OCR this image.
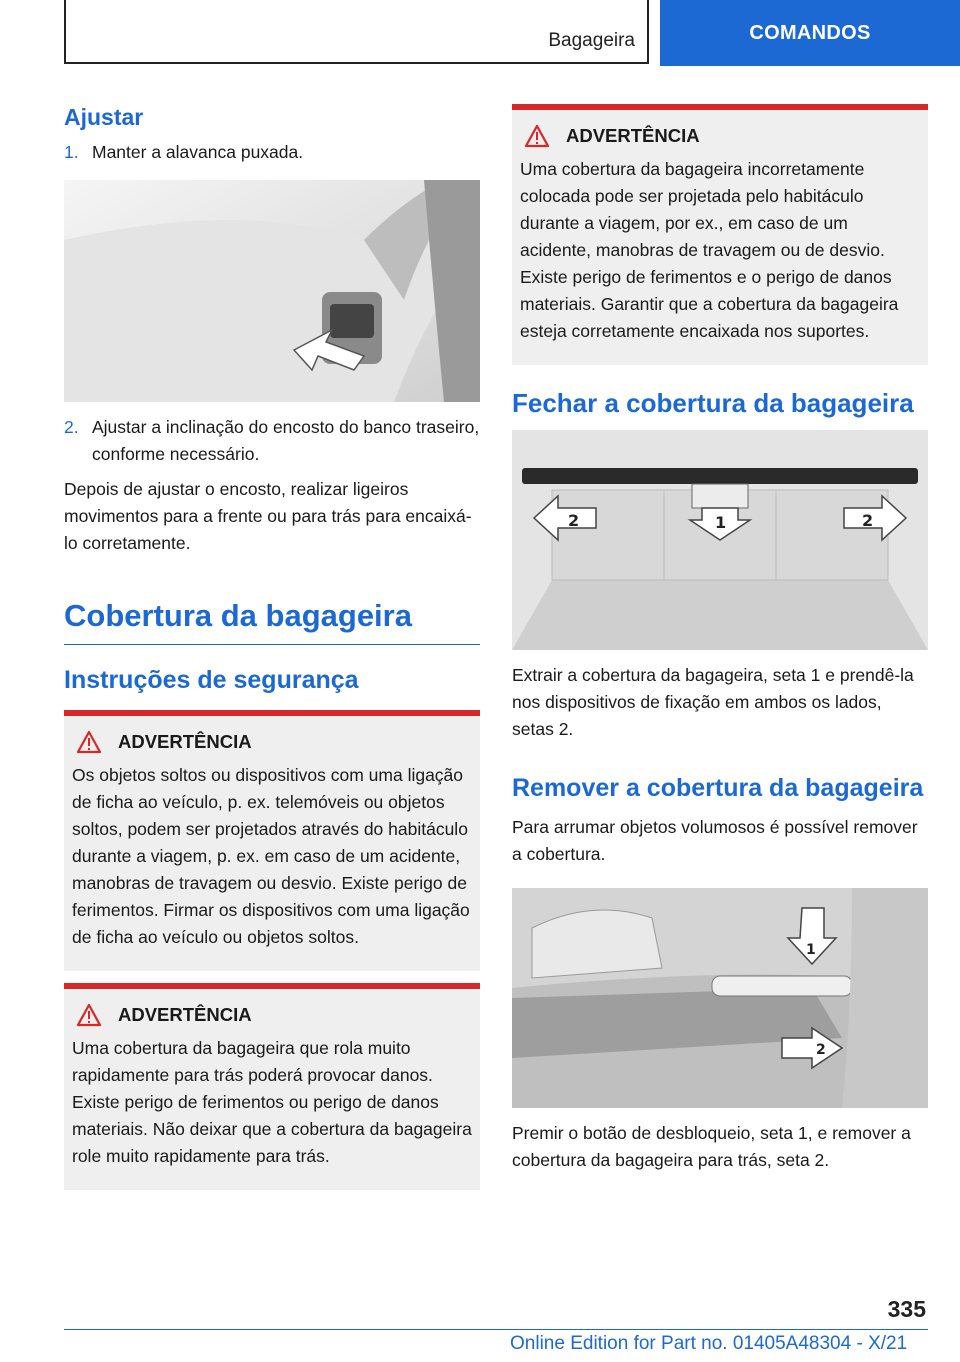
Bagageira	COMANDOS
Ajustar
1. Manter a alavanca puxada.
2. Ajustar a inclinação do encosto do banco traseiro, conforme necessário.

Depois de ajustar o encosto, realizar ligeiros movimentos para a frente ou para trás para encaixá-lo corretamente.

Cobertura da bagageira
Instruções de segurança
ADVERTÊNCIA

Os objetos soltos ou dispositivos com uma ligação de ficha ao veículo, p. ex. telemóveis ou objetos soltos, podem ser projetados através do habitáculo durante a viagem, p. ex. em caso de um acidente, manobras de travagem ou desvio. Existe perigo de ferimentos. Firmar os dispositivos com uma ligação de ficha ao veículo ou objetos soltos.

ADVERTÊNCIA

Uma cobertura da bagageira que rola muito rapidamente para trás poderá provocar danos. Existe perigo de ferimentos ou perigo de danos materiais. Não deixar que a cobertura da bagageira role muito rapidamente para trás.

ADVERTÊNCIA

Uma cobertura da bagageira incorretamente colocada pode ser projetada pelo habitáculo durante a viagem, por ex., em caso de um acidente, manobras de travagem ou de desvio. Existe perigo de ferimentos e o perigo de danos materiais. Garantir que a cobertura da bagageira esteja corretamente encaixada nos suportes.

Fechar a cobertura da bagageira
2	1	2

Extrair a cobertura da bagageira, seta 1 e prendê-la nos dispositivos de fixação em ambos os lados, setas 2.

Remover a cobertura da bagageira

Para arrumar objetos volumosos é possível remover a cobertura.

1
2

Premir o botão de desbloqueio, seta 1, e remover a cobertura da bagageira para trás, seta 2.

335
Online Edition for Part no. 01405A48304 - X/21
